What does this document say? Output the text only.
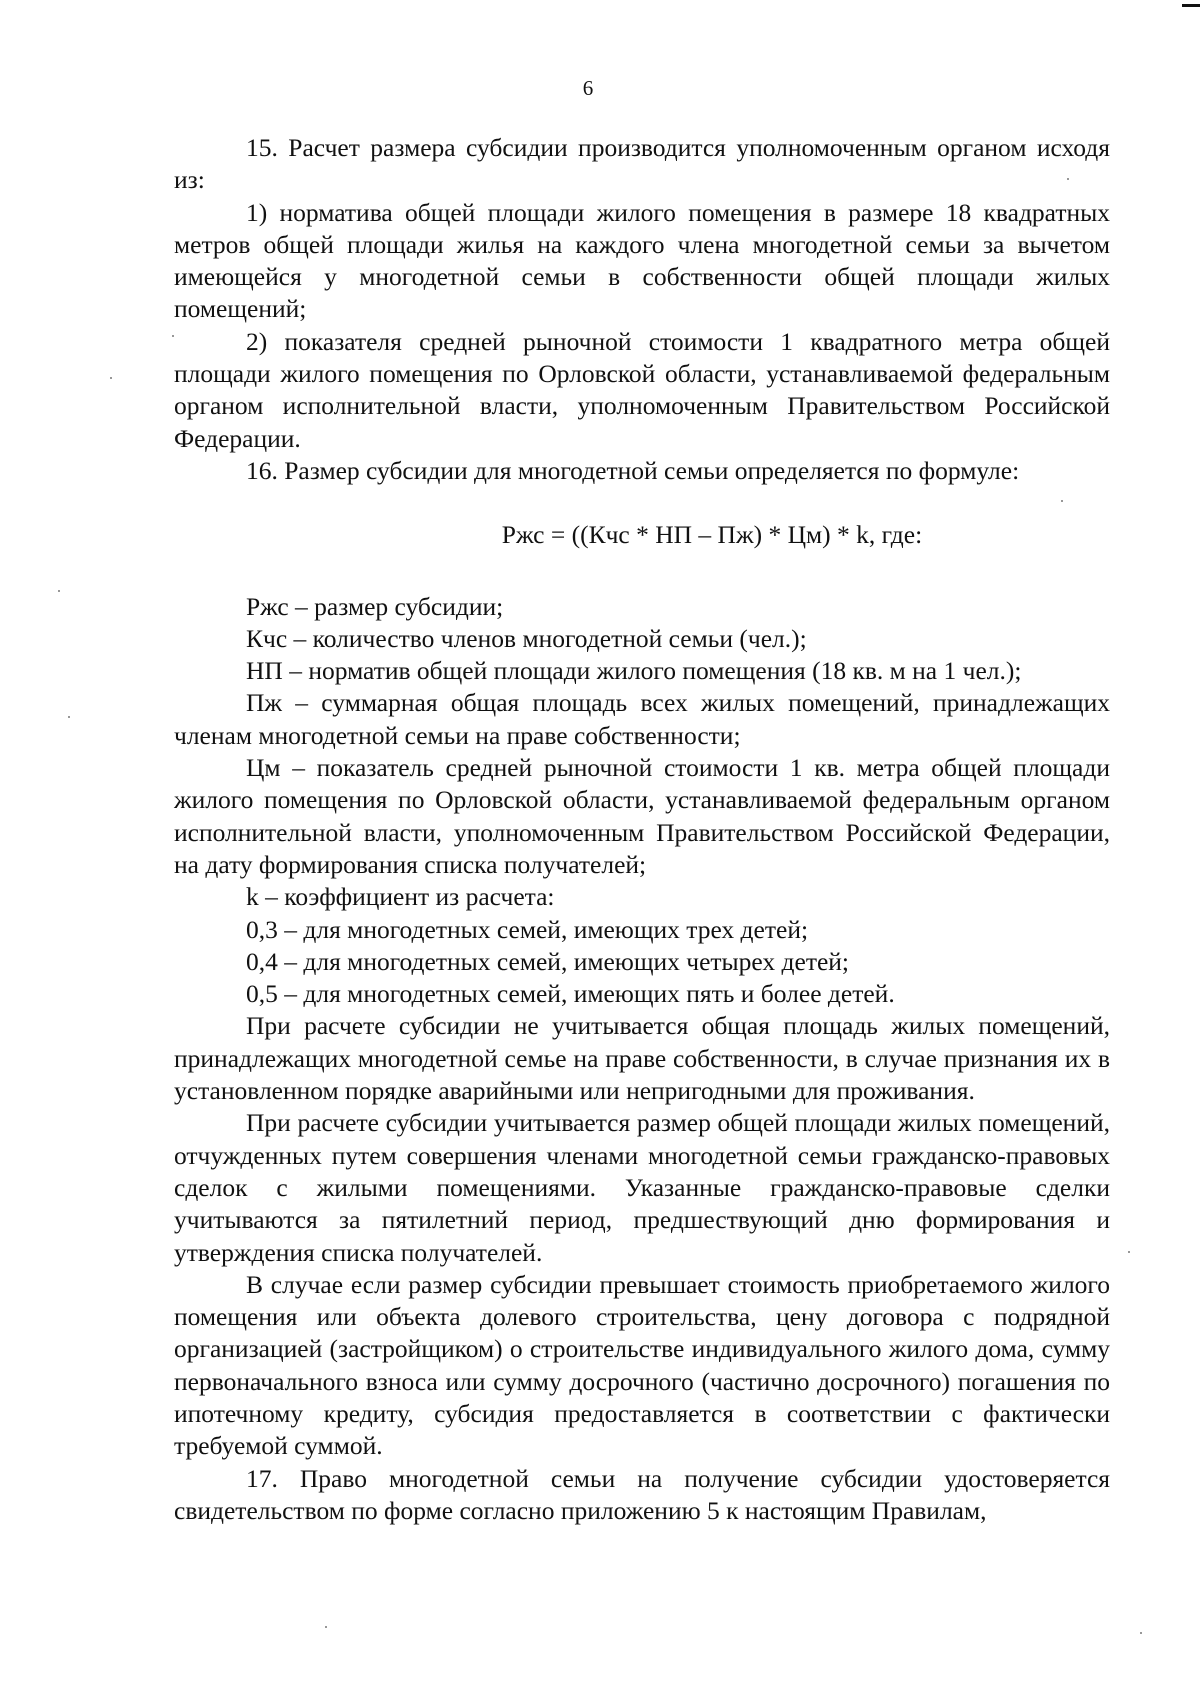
6

15. Расчет размера субсидии производится уполномоченным органом исходя из:

1) норматива общей площади жилого помещения в размере 18 квадратных метров общей площади жилья на каждого члена многодетной семьи за вычетом имеющейся у многодетной семьи в собственности общей площади жилых помещений;

2) показателя средней рыночной стоимости 1 квадратного метра общей площади жилого помещения по Орловской области, устанавливаемой федеральным органом исполнительной власти, уполномоченным Правительством Российской Федерации.

16. Размер субсидии для многодетной семьи определяется по формуле:

Ржс = ((Кчс * НП – Пж) * Цм) * k, где:

Ржс – размер субсидии;

Кчс – количество членов многодетной семьи (чел.);

НП – норматив общей площади жилого помещения (18 кв. м на 1 чел.);

Пж – суммарная общая площадь всех жилых помещений, принадлежащих членам многодетной семьи на праве собственности;

Цм – показатель средней рыночной стоимости 1 кв. метра общей площади жилого помещения по Орловской области, устанавливаемой федеральным органом исполнительной власти, уполномоченным Правительством Российской Федерации, на дату формирования списка получателей;

k – коэффициент из расчета:

0,3 – для многодетных семей, имеющих трех детей;

0,4 – для многодетных семей, имеющих четырех детей;

0,5 – для многодетных семей, имеющих пять и более детей.

При расчете субсидии не учитывается общая площадь жилых помещений, принадлежащих многодетной семье на праве собственности, в случае признания их в установленном порядке аварийными или непригодными для проживания.

При расчете субсидии учитывается размер общей площади жилых помещений, отчужденных путем совершения членами многодетной семьи гражданско-правовых сделок с жилыми помещениями. Указанные гражданско-правовые сделки учитываются за пятилетний период, предшествующий дню формирования и утверждения списка получателей.

В случае если размер субсидии превышает стоимость приобретаемого жилого помещения или объекта долевого строительства, цену договора с подрядной организацией (застройщиком) о строительстве индивидуального жилого дома, сумму первоначального взноса или сумму досрочного (частично досрочного) погашения по ипотечному кредиту, субсидия предоставляется в соответствии с фактически требуемой суммой.

17. Право многодетной семьи на получение субсидии удостоверяется свидетельством по форме согласно приложению 5 к настоящим Правилам,
